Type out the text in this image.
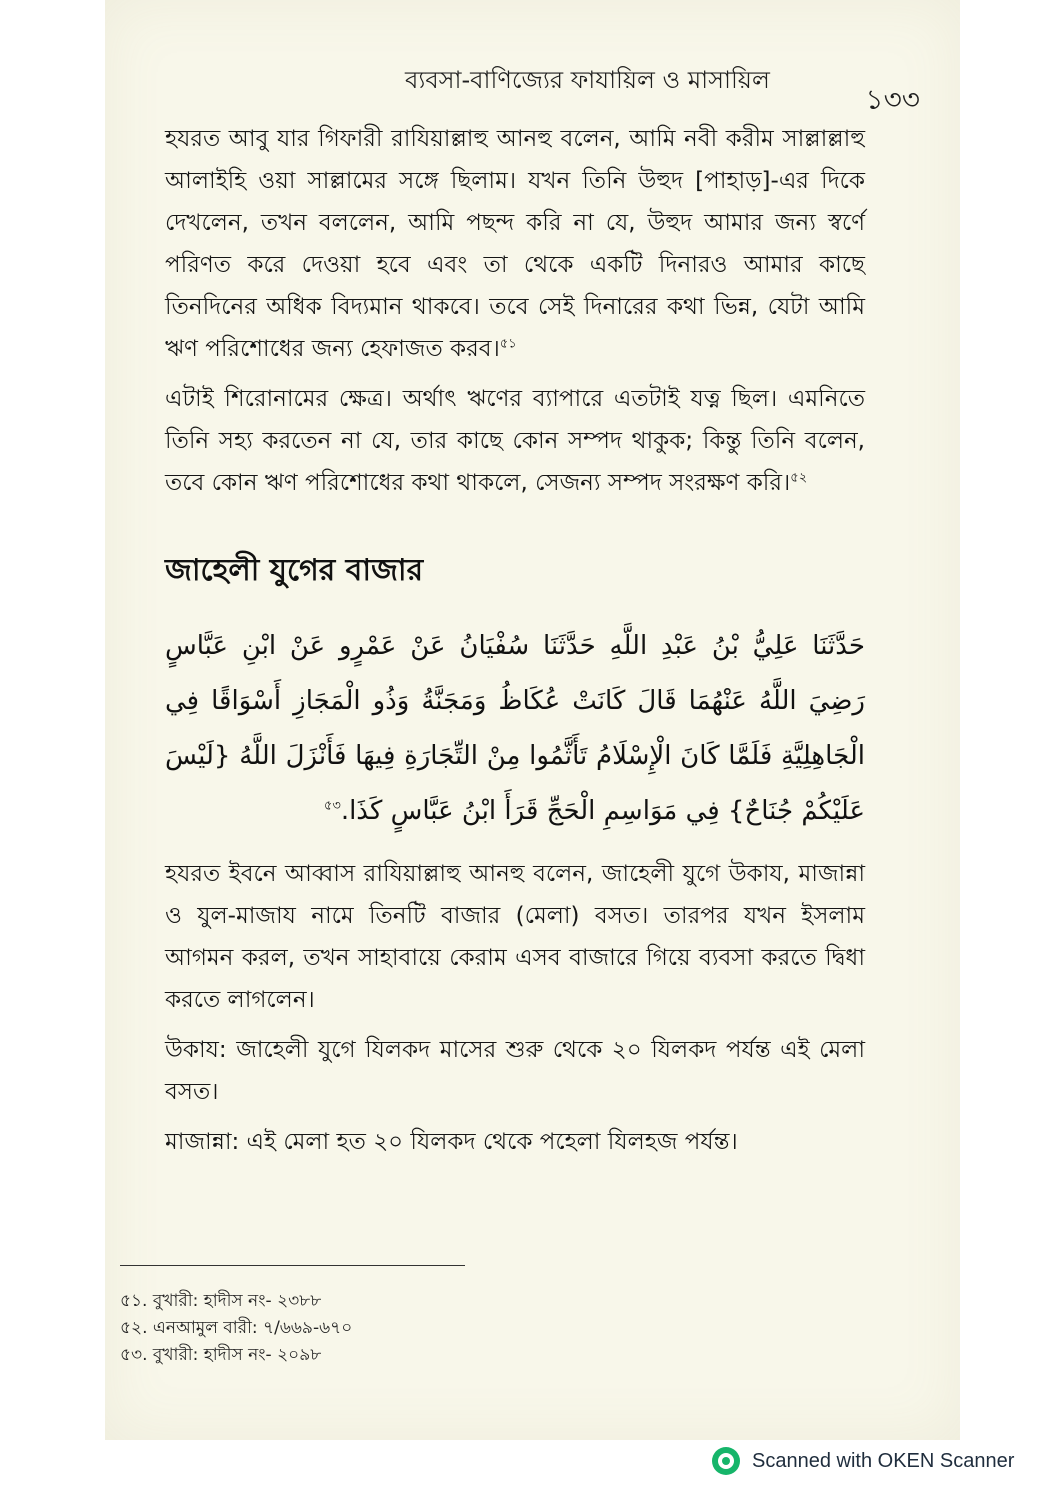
ব্যবসা-বাণিজ্যের ফাযায়িল ও মাসায়িল
১৩৩

হযরত আবু যার গিফারী রাযিয়াল্লাহু আনহু বলেন, আমি নবী করীম সাল্লাল্লাহু আলাইহি ওয়া সাল্লামের সঙ্গে ছিলাম। যখন তিনি উহুদ [পাহাড়]-এর দিকে দেখলেন, তখন বললেন, আমি পছন্দ করি না যে, উহুদ আমার জন্য স্বর্ণে পরিণত করে দেওয়া হবে এবং তা থেকে একটি দিনারও আমার কাছে তিনদিনের অধিক বিদ্যমান থাকবে। তবে সেই দিনারের কথা ভিন্ন, যেটা আমি ঋণ পরিশোধের জন্য হেফাজত করব।$^{৫১}$

এটাই শিরোনামের ক্ষেত্র। অর্থাৎ ঋণের ব্যাপারে এতটাই যত্ন ছিল। এমনিতে তিনি সহ্য করতেন না যে, তার কাছে কোন সম্পদ থাকুক; কিন্তু তিনি বলেন, তবে কোন ঋণ পরিশোধের কথা থাকলে, সেজন্য সম্পদ সংরক্ষণ করি।$^{৫২}$

জাহেলী যুগের বাজার

حَدَّثَنَا عَلِيُّ بْنُ عَبْدِ اللَّهِ حَدَّثَنَا سُفْيَانُ عَنْ عَمْرٍو عَنْ ابْنِ عَبَّاسٍ رَضِيَ اللَّهُ عَنْهُمَا قَالَ كَانَتْ عُكَاظُ وَمَجَنَّةُ وَذُو الْمَجَازِ أَسْوَاقًا فِي الْجَاهِلِيَّةِ فَلَمَّا كَانَ الْإِسْلَامُ تَأَثَّمُوا مِنْ التِّجَارَةِ فِيهَا فَأَنْزَلَ اللَّهُ {لَيْسَ عَلَيْكُمْ جُنَاحٌ} فِي مَوَاسِمِ الْحَجِّ قَرَأَ ابْنُ عَبَّاسٍ كَذَا.$^{৫৩}$

হযরত ইবনে আব্বাস রাযিয়াল্লাহু আনহু বলেন, জাহেলী যুগে উকায, মাজান্না ও যুল-মাজায নামে তিনটি বাজার (মেলা) বসত। তারপর যখন ইসলাম আগমন করল, তখন সাহাবায়ে কেরাম এসব বাজারে গিয়ে ব্যবসা করতে দ্বিধা করতে লাগলেন।

উকায: জাহেলী যুগে যিলকদ মাসের শুরু থেকে ২০ যিলকদ পর্যন্ত এই মেলা বসত।

মাজান্না: এই মেলা হত ২০ যিলকদ থেকে পহেলা যিলহজ পর্যন্ত।

৫১. বুখারী: হাদীস নং- ২৩৮৮

৫২. এনআমুল বারী: ৭/৬৬৯-৬৭০

৫৩. বুখারী: হাদীস নং- ২০৯৮

Scanned with OKEN Scanner
